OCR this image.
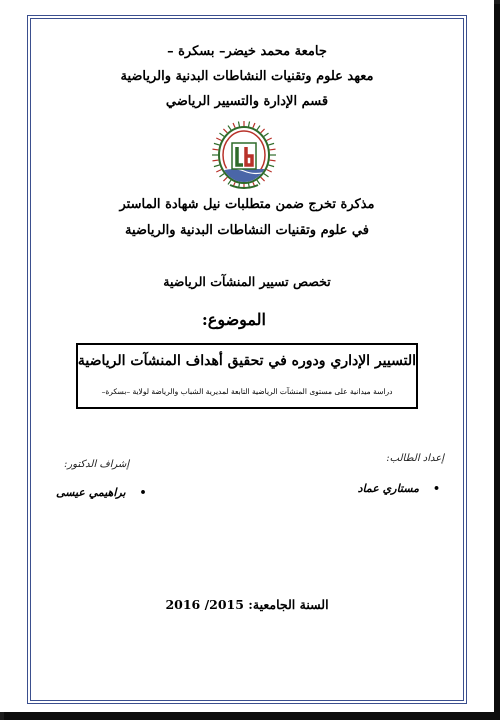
جامعة محمد خيضر– بسكرة –
معهد علوم وتقنيات النشاطات البدنية والرياضية
قسم الإدارة والتسيير الرياضي
مذكرة تخرج ضمن متطلبات نيل شهادة الماستر
في علوم وتقنيات النشاطات البدنية والرياضية
تخصص تسيير المنشآت الرياضية
الموضوع:
التسيير الإداري ودوره في تحقيق أهداف المنشآت الرياضية
دراسة ميدانية على مستوى المنشآت الرياضية التابعة لمديرية الشباب والرياضة لولاية –بسكرة–
إعداد الطالب:
إشراف الدكتور:
•مستاري عماد
•براهيمي عيسى
السنة الجامعية: 2015/ 2016
